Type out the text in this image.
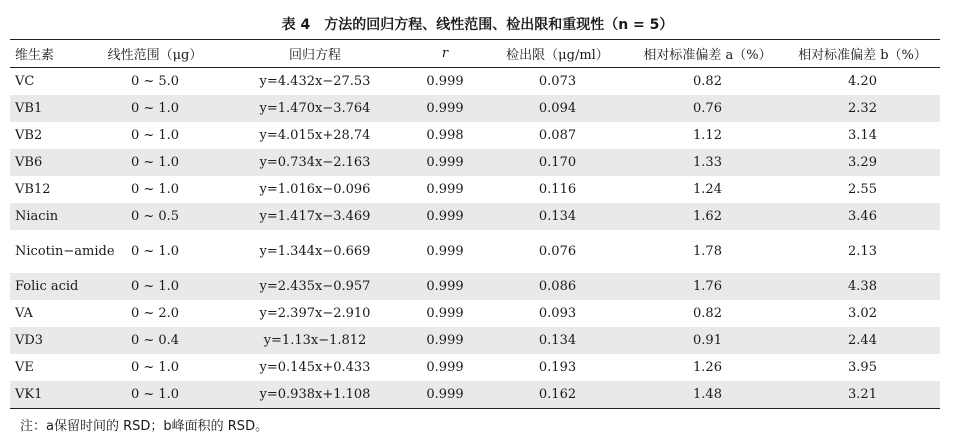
表 4　方法的回归方程、线性范围、检出限和重现性（n = 5）
维生素	线性范围（μg）	回归方程	r	检出限（μg/ml）	相对标准偏差 a（%）	相对标准偏差 b（%）
VC	0 ~ 5.0	y=4.432x−27.53	0.999	0.073	0.82	4.20
VB1	0 ~ 1.0	y=1.470x−3.764	0.999	0.094	0.76	2.32
VB2	0 ~ 1.0	y=4.015x+28.74	0.998	0.087	1.12	3.14
VB6	0 ~ 1.0	y=0.734x−2.163	0.999	0.170	1.33	3.29
VB12	0 ~ 1.0	y=1.016x−0.096	0.999	0.116	1.24	2.55
Niacin	0 ~ 0.5	y=1.417x−3.469	0.999	0.134	1.62	3.46
Nicotin−amide	0 ~ 1.0	y=1.344x−0.669	0.999	0.076	1.78	2.13
Folic acid	0 ~ 1.0	y=2.435x−0.957	0.999	0.086	1.76	4.38
VA	0 ~ 2.0	y=2.397x−2.910	0.999	0.093	0.82	3.02
VD3	0 ~ 0.4	y=1.13x−1.812	0.999	0.134	0.91	2.44
VE	0 ~ 1.0	y=0.145x+0.433	0.999	0.193	1.26	3.95
VK1	0 ~ 1.0	y=0.938x+1.108	0.999	0.162	1.48	3.21
注：a保留时间的 RSD；b峰面积的 RSD。
